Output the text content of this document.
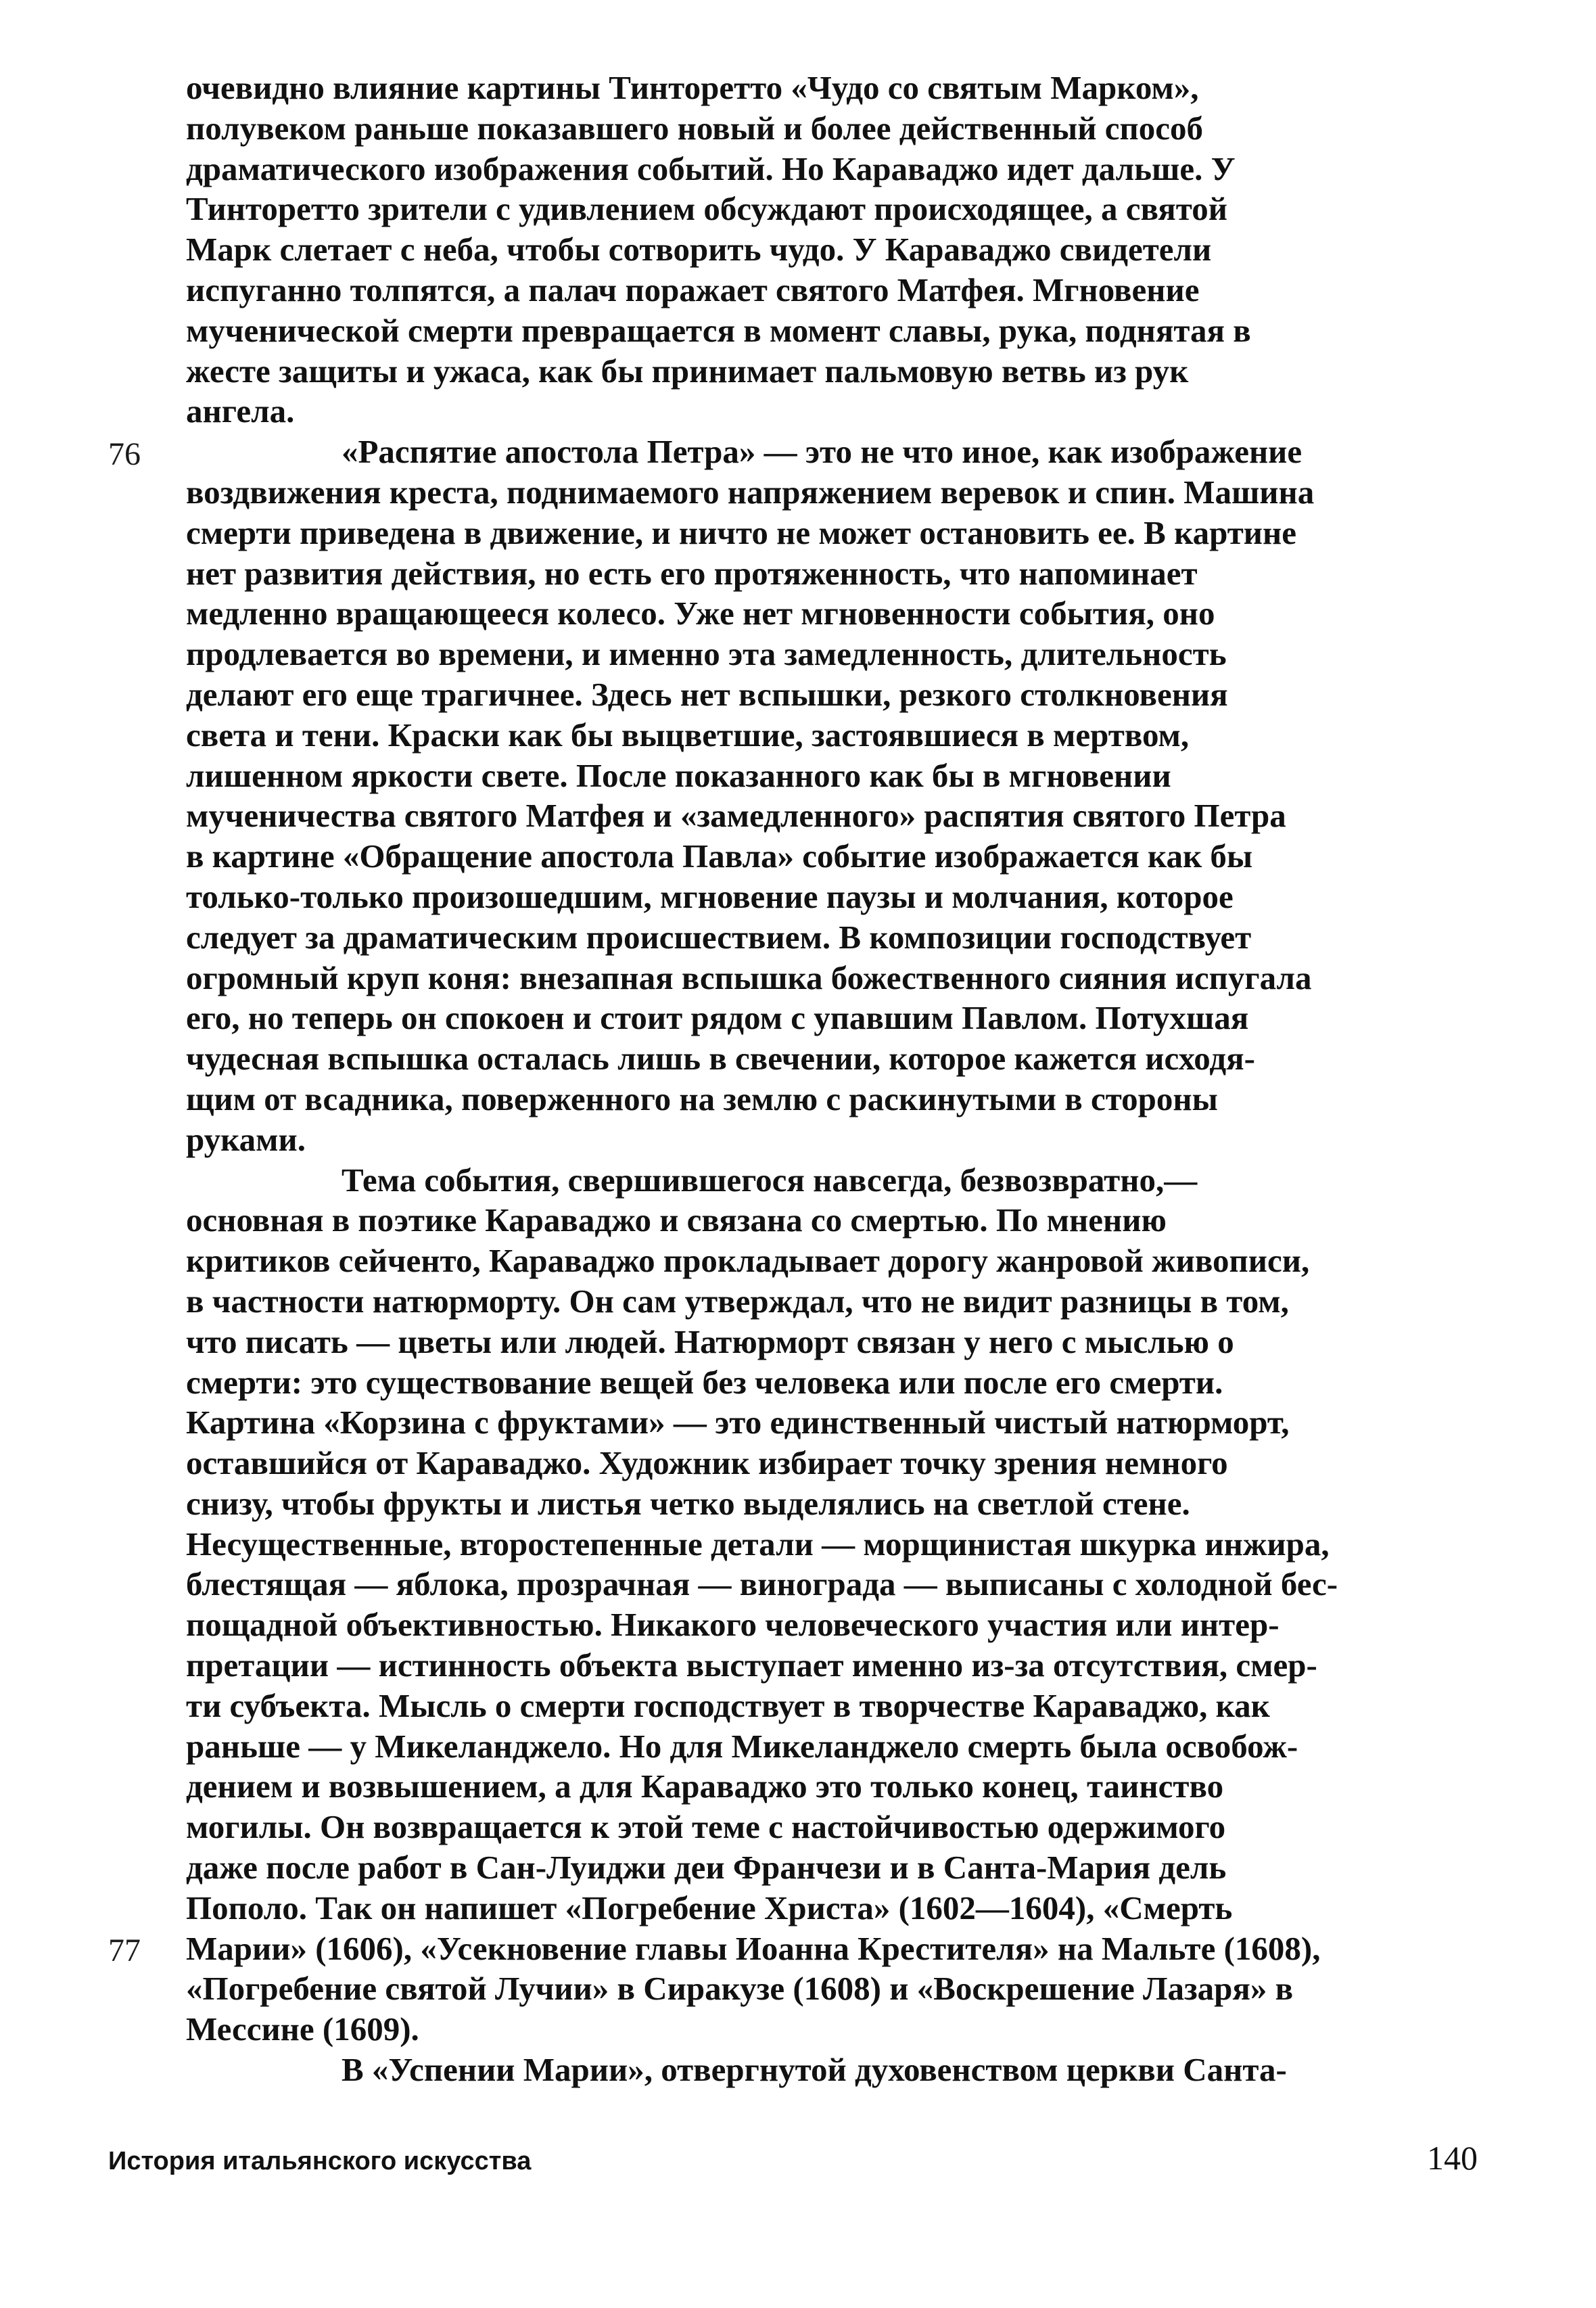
76
77
очевидно влияние картины Тинторетто «Чудо со святым Марком»,
полувеком раньше показавшего новый и более действенный способ
драматического изображения событий. Но Караваджо идет дальше. У
Тинторетто зрители с удивлением обсуждают происходящее, а святой
Марк слетает с неба, чтобы сотворить чудо. У Караваджо свидетели
испуганно толпятся, а палач поражает святого Матфея. Мгновение
мученической смерти превращается в момент славы, рука, поднятая в
жесте защиты и ужаса, как бы принимает пальмовую ветвь из рук
ангела.
«Распятие апостола Петра» — это не что иное, как изображение
воздвижения креста, поднимаемого напряжением веревок и спин. Машина
смерти приведена в движение, и ничто не может остановить ее. В картине
нет развития действия, но есть его протяженность, что напоминает
медленно вращающееся колесо. Уже нет мгновенности события, оно
продлевается во времени, и именно эта замедленность, длительность
делают его еще трагичнее. Здесь нет вспышки, резкого столкновения
света и тени. Краски как бы выцветшие, застоявшиеся в мертвом,
лишенном яркости свете. После показанного как бы в мгновении
мученичества святого Матфея и «замедленного» распятия святого Петра
в картине «Обращение апостола Павла» событие изображается как бы
только-только произошедшим, мгновение паузы и молчания, которое
следует за драматическим происшествием. В композиции господствует
огромный круп коня: внезапная вспышка божественного сияния испугала
его, но теперь он спокоен и стоит рядом с упавшим Павлом. Потухшая
чудесная вспышка осталась лишь в свечении, которое кажется исходя-
щим от всадника, поверженного на землю с раскинутыми в стороны
руками.
Тема события, свершившегося навсегда, безвозвратно,—
основная в поэтике Караваджо и связана со смертью. По мнению
критиков сейченто, Караваджо прокладывает дорогу жанровой живописи,
в частности натюрморту. Он сам утверждал, что не видит разницы в том,
что писать — цветы или людей. Натюрморт связан у него с мыслью о
смерти: это существование вещей без человека или после его смерти.
Картина «Корзина с фруктами» — это единственный чистый натюрморт,
оставшийся от Караваджо. Художник избирает точку зрения немного
снизу, чтобы фрукты и листья четко выделялись на светлой стене.
Несущественные, второстепенные детали — морщинистая шкурка инжира,
блестящая — яблока, прозрачная — винограда — выписаны с холодной бес-
пощадной объективностью. Никакого человеческого участия или интер-
претации — истинность объекта выступает именно из-за отсутствия, смер-
ти субъекта. Мысль о смерти господствует в творчестве Караваджо, как
раньше — у Микеланджело. Но для Микеланджело смерть была освобож-
дением и возвышением, а для Караваджо это только конец, таинство
могилы. Он возвращается к этой теме с настойчивостью одержимого
даже после работ в Сан-Луиджи деи Франчези и в Санта-Мария дель
Пополо. Так он напишет «Погребение Христа» (1602—1604), «Смерть
Марии» (1606), «Усекновение главы Иоанна Крестителя» на Мальте (1608),
«Погребение святой Лучии» в Сиракузе (1608) и «Воскрешение Лазаря» в
Мессине (1609).
В «Успении Марии», отвергнутой духовенством церкви Санта-
История итальянского искусства	140
